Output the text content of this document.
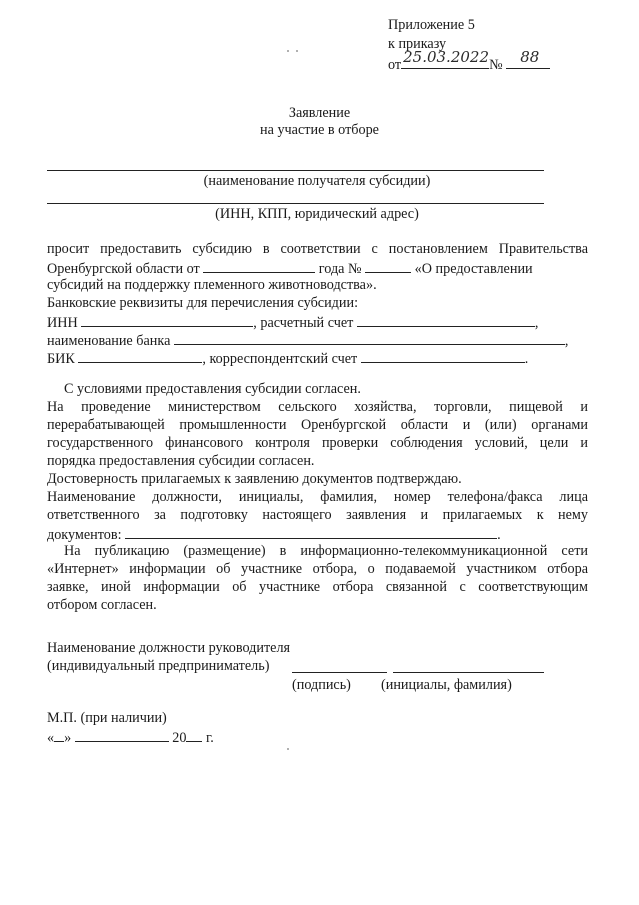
Приложение 5
к приказу
от 25.03.2022 № 88
Заявление
на участие в отборе
(наименование получателя субсидии)
(ИНН, КПП, юридический адрес)
просит предоставить субсидию в соответствии с постановлением Правительства
Оренбургской области от	года №	«О предоставлении
субсидий на поддержку племенного животноводства».
Банковские реквизиты для перечисления субсидии:
ИНН	, расчетный счет	,
наименование банка	,
БИК	, корреспондентский счет	.
С условиями предоставления субсидии согласен.
На проведение министерством сельского хозяйства, торговли, пищевой и
перерабатывающей промышленности Оренбургской области и (или) органами
государственного финансового контроля проверки соблюдения условий, цели и
порядка предоставления субсидии согласен.
Достоверность прилагаемых к заявлению документов подтверждаю.
Наименование должности, инициалы, фамилия, номер телефона/факса лица
ответственного за подготовку настоящего заявления и прилагаемых к нему
документов:	.
На публикацию (размещение) в информационно-телекоммуникационной сети
«Интернет» информации об участнике отбора, о подаваемой участником отбора
заявке, иной информации об участнике отбора связанной с соответствующим
отбором согласен.
Наименование должности руководителя
(индивидуальный предприниматель)
(подпись) (инициалы, фамилия)
М.П. (при наличии)
« »	20 г.
